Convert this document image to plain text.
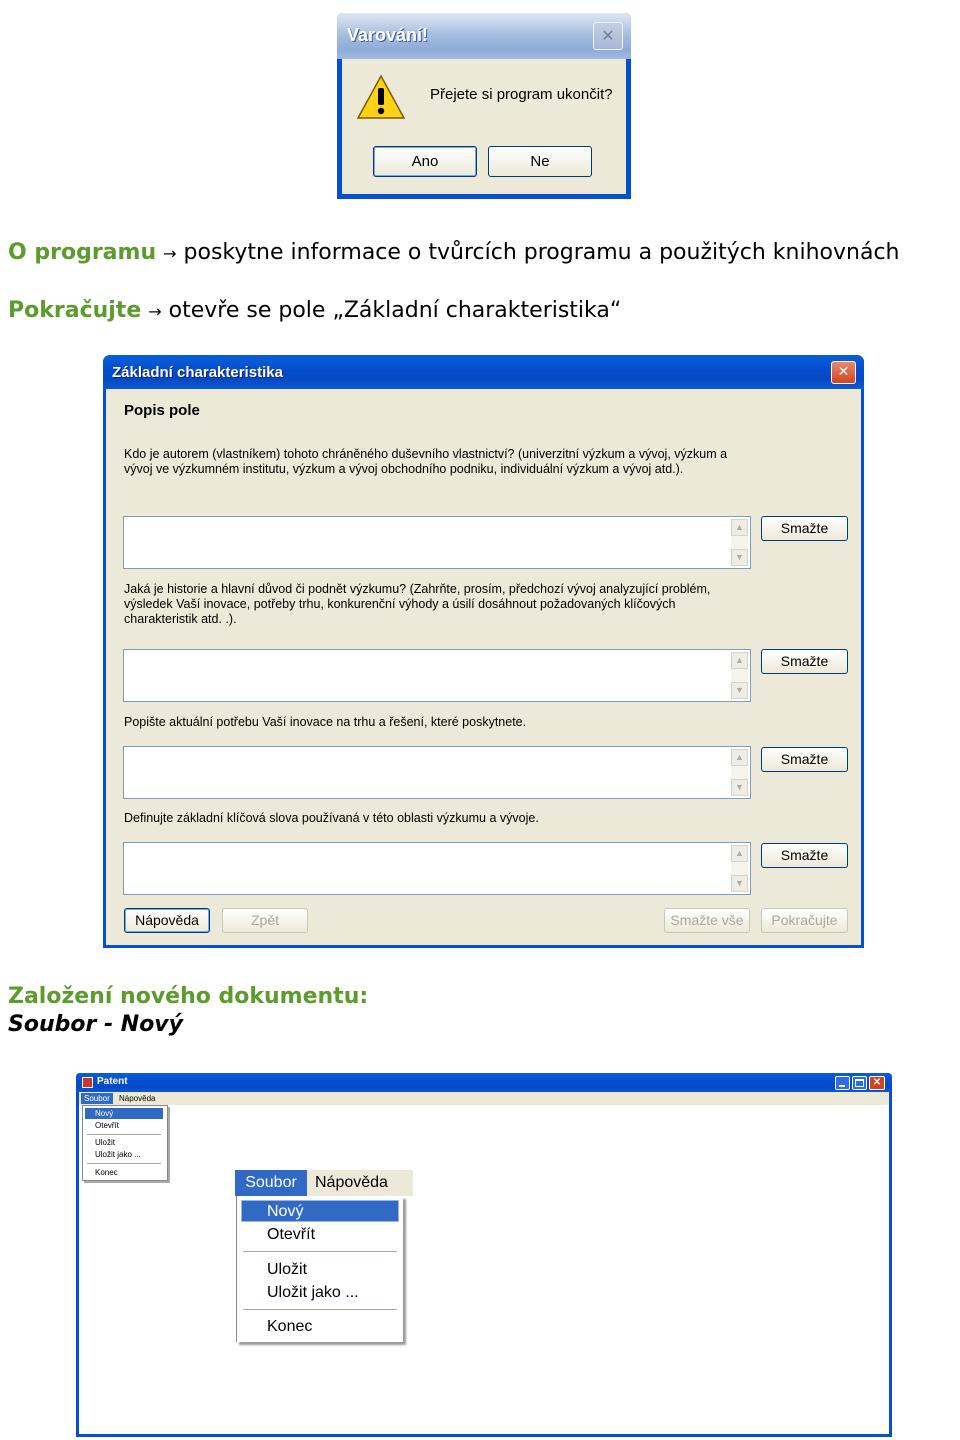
Varování!	✕
Přejete si program ukončit?
Ano	Ne
O programu → poskytne informace o tvůrcích programu a použitých knihovnách
Pokračujte → otevře se pole „Základní charakteristika“
Základní charakteristika	✕
Popis pole
Kdo je autorem (vlastníkem) tohoto chráněného duševního vlastnictví? (univerzitní výzkum a vývoj, výzkum a vývoj ve výzkumném institutu, výzkum a vývoj obchodního podniku, individuální výzkum a vývoj atd.).
▲
▼
Smažte
Jaká je historie a hlavní důvod či podnět výzkumu? (Zahrňte, prosím, předchozí vývoj analyzující problém, výsledek Vaší inovace, potřeby trhu, konkurenční výhody a úsilí dosáhnout požadovaných klíčových charakteristik atd. .).
▲
▼
Smažte
Popište aktuální potřebu Vaší inovace na trhu a řešení, které poskytnete.
▲
▼
Smažte
Definujte základní klíčová slova používaná v této oblasti výzkumu a vývoje.
▲
▼
Smažte
Nápověda	Zpět	Smažte vše	Pokračujte
Založení nového dokumentu:
Soubor - Nový
Patent	✕
Soubor	Nápověda
Nový
Otevřít
Uložit
Uložit jako ...
Konec
Soubor	Nápověda
Nový
Otevřít
Uložit
Uložit jako ...
Konec
